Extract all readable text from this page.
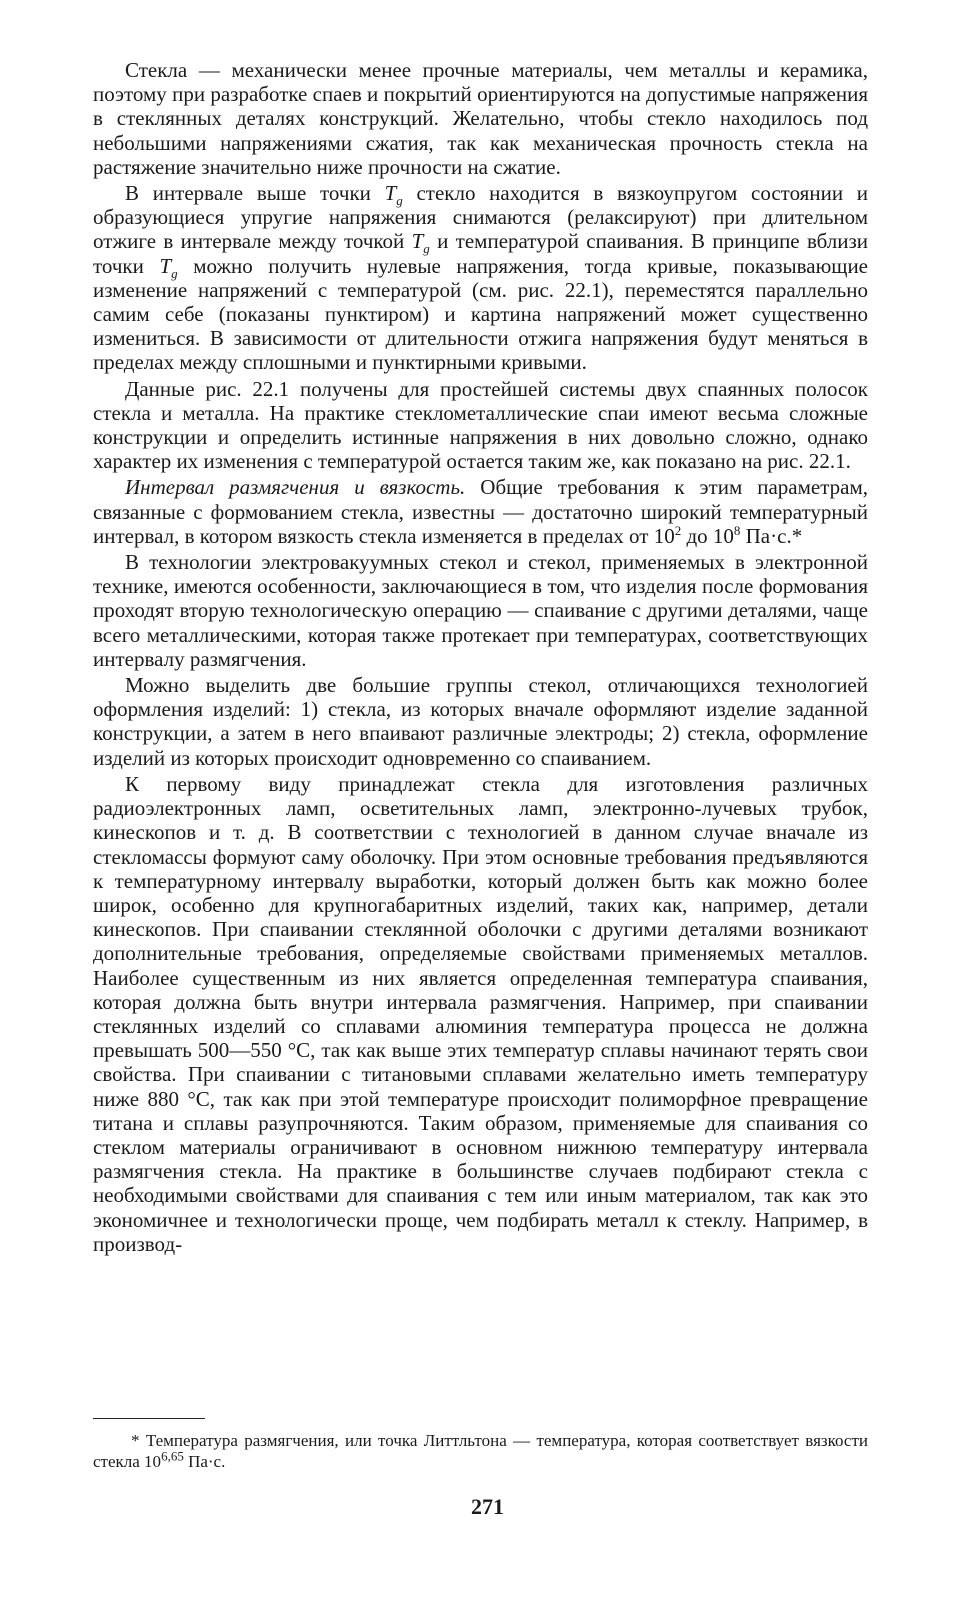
Стекла — механически менее прочные материалы, чем металлы и керамика, поэтому при разработке спаев и покрытий ориентируются на допустимые напряжения в стеклянных деталях конструкций. Желательно, чтобы стекло находилось под небольшими напряжениями сжатия, так как механическая прочность стекла на растяжение значительно ниже прочности на сжатие.

В интервале выше точки $T_g$ стекло находится в вязкоупругом состоянии и образующиеся упругие напряжения снимаются (релаксируют) при длительном отжиге в интервале между точкой $T_g$ и температурой спаивания. В принципе вблизи точки $T_g$ можно получить нулевые напряжения, тогда кривые, показывающие изменение напряжений с температурой (см. рис. 22.1), переместятся параллельно самим себе (показаны пунктиром) и картина напряжений может существенно измениться. В зависимости от длительности отжига напряжения будут меняться в пределах между сплошными и пунктирными кривыми.

Данные рис. 22.1 получены для простейшей системы двух спаянных полосок стекла и металла. На практике стеклометаллические спаи имеют весьма сложные конструкции и определить истинные напряжения в них довольно сложно, однако характер их изменения с температурой остается таким же, как показано на рис. 22.1.

Интервал размягчения и вязкость. Общие требования к этим параметрам, связанные с формованием стекла, известны — достаточно широкий температурный интервал, в котором вязкость стекла изменяется в пределах от $10^2$ до $10^8$ Па·с.*

В технологии электровакуумных стекол и стекол, применяемых в электронной технике, имеются особенности, заключающиеся в том, что изделия после формования проходят вторую технологическую операцию — спаивание с другими деталями, чаще всего металлическими, которая также протекает при температурах, соответствующих интервалу размягчения.

Можно выделить две большие группы стекол, отличающихся технологией оформления изделий: 1) стекла, из которых вначале оформляют изделие заданной конструкции, а затем в него впаивают различные электроды; 2) стекла, оформление изделий из которых происходит одновременно со спаиванием.

К первому виду принадлежат стекла для изготовления различных радиоэлектронных ламп, осветительных ламп, электронно-лучевых трубок, кинескопов и т. д. В соответствии с технологией в данном случае вначале из стекломассы формуют саму оболочку. При этом основные требования предъявляются к температурному интервалу выработки, который должен быть как можно более широк, особенно для крупногабаритных изделий, таких как, например, детали кинескопов. При спаивании стеклянной оболочки с другими деталями возникают дополнительные требования, определяемые свойствами применяемых металлов. Наиболее существенным из них является определенная температура спаивания, которая должна быть внутри интервала размягчения. Например, при спаивании стеклянных изделий со сплавами алюминия температура процесса не должна превышать 500—550 °С, так как выше этих температур сплавы начинают терять свои свойства. При спаивании с титановыми сплавами желательно иметь температуру ниже 880 °С, так как при этой температуре происходит полиморфное превращение титана и сплавы разупрочняются. Таким образом, применяемые для спаивания со стеклом материалы ограничивают в основном нижнюю температуру интервала размягчения стекла. На практике в большинстве случаев подбирают стекла с необходимыми свойствами для спаивания с тем или иным материалом, так как это экономичнее и технологически проще, чем подбирать металл к стеклу. Например, в производ-

* Температура размягчения, или точка Литтльтона — температура, которая соответствует вязкости стекла 10$^{6,65}$ Па·с.
271
